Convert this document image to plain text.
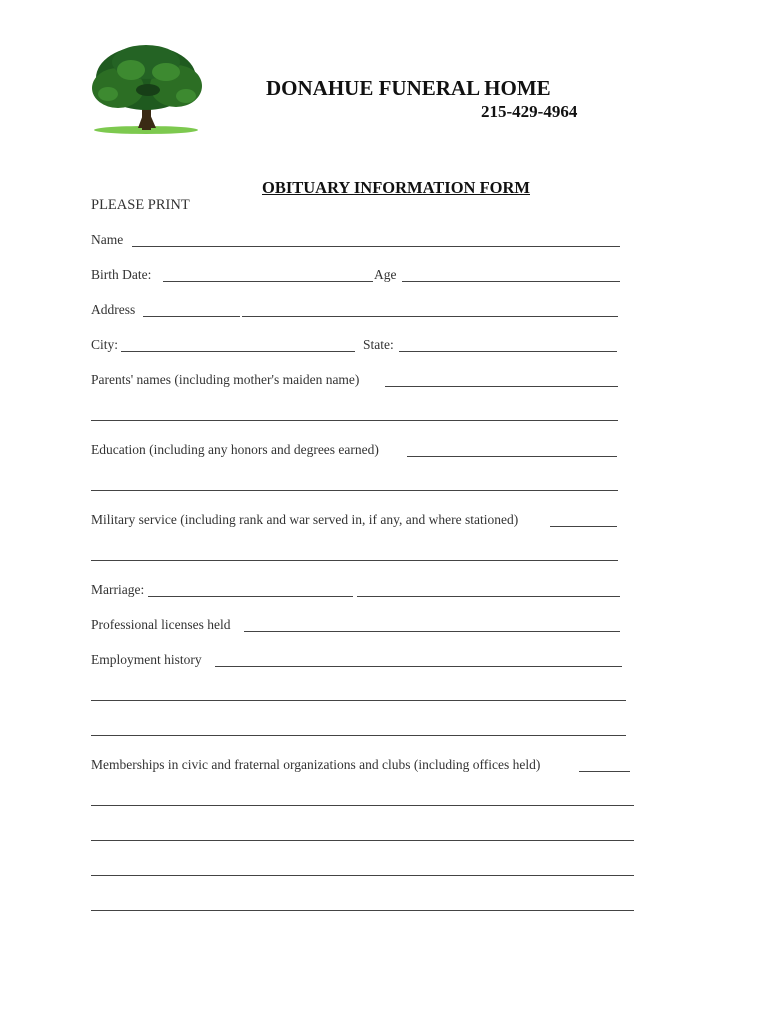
DONAHUE FUNERAL HOME
215-429-4964
OBITUARY INFORMATION FORM
PLEASE PRINT
Name
Birth Date:	Age
Address
City:	State:
Parents' names (including mother's maiden name)
Education (including any honors and degrees earned)
Military service (including rank and war served in, if any, and where stationed)
Marriage:
Professional licenses held
Employment history
Memberships in civic and fraternal organizations and clubs (including offices held)
